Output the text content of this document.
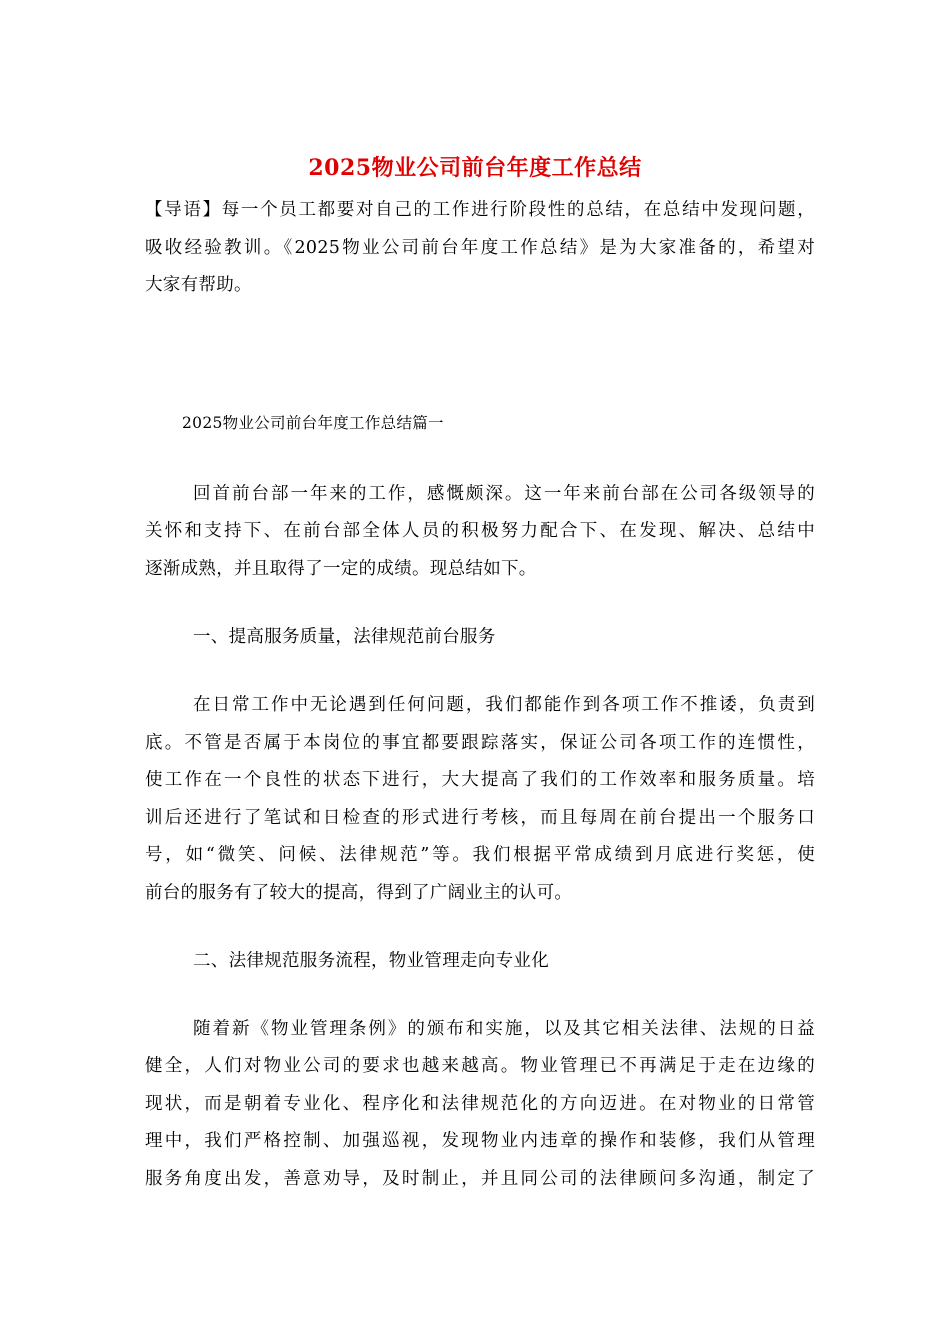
2025物业公司前台年度工作总结
【导语】每一个员工都要对自己的工作进行阶段性的总结，在总结中发现问题，
吸收经验教训。《2025物业公司前台年度工作总结》是为大家准备的，希望对
大家有帮助。
2025物业公司前台年度工作总结篇一
回首前台部一年来的工作，感慨颇深。这一年来前台部在公司各级领导的
关怀和支持下、在前台部全体人员的积极努力配合下、在发现、解决、总结中
逐渐成熟，并且取得了一定的成绩。现总结如下。
一、提高服务质量，法律规范前台服务
在日常工作中无论遇到任何问题，我们都能作到各项工作不推诿，负责到
底。不管是否属于本岗位的事宜都要跟踪落实，保证公司各项工作的连惯性，
使工作在一个良性的状态下进行，大大提高了我们的工作效率和服务质量。培
训后还进行了笔试和日检查的形式进行考核，而且每周在前台提出一个服务口
号，如“微笑、问候、法律规范”等。我们根据平常成绩到月底进行奖惩，使
前台的服务有了较大的提高，得到了广阔业主的认可。
二、法律规范服务流程，物业管理走向专业化
随着新《物业管理条例》的颁布和实施，以及其它相关法律、法规的日益
健全，人们对物业公司的要求也越来越高。物业管理已不再满足于走在边缘的
现状，而是朝着专业化、程序化和法律规范化的方向迈进。在对物业的日常管
理中，我们严格控制、加强巡视，发现物业内违章的操作和装修，我们从管理
服务角度出发，善意劝导，及时制止，并且同公司的法律顾问多沟通，制定了
